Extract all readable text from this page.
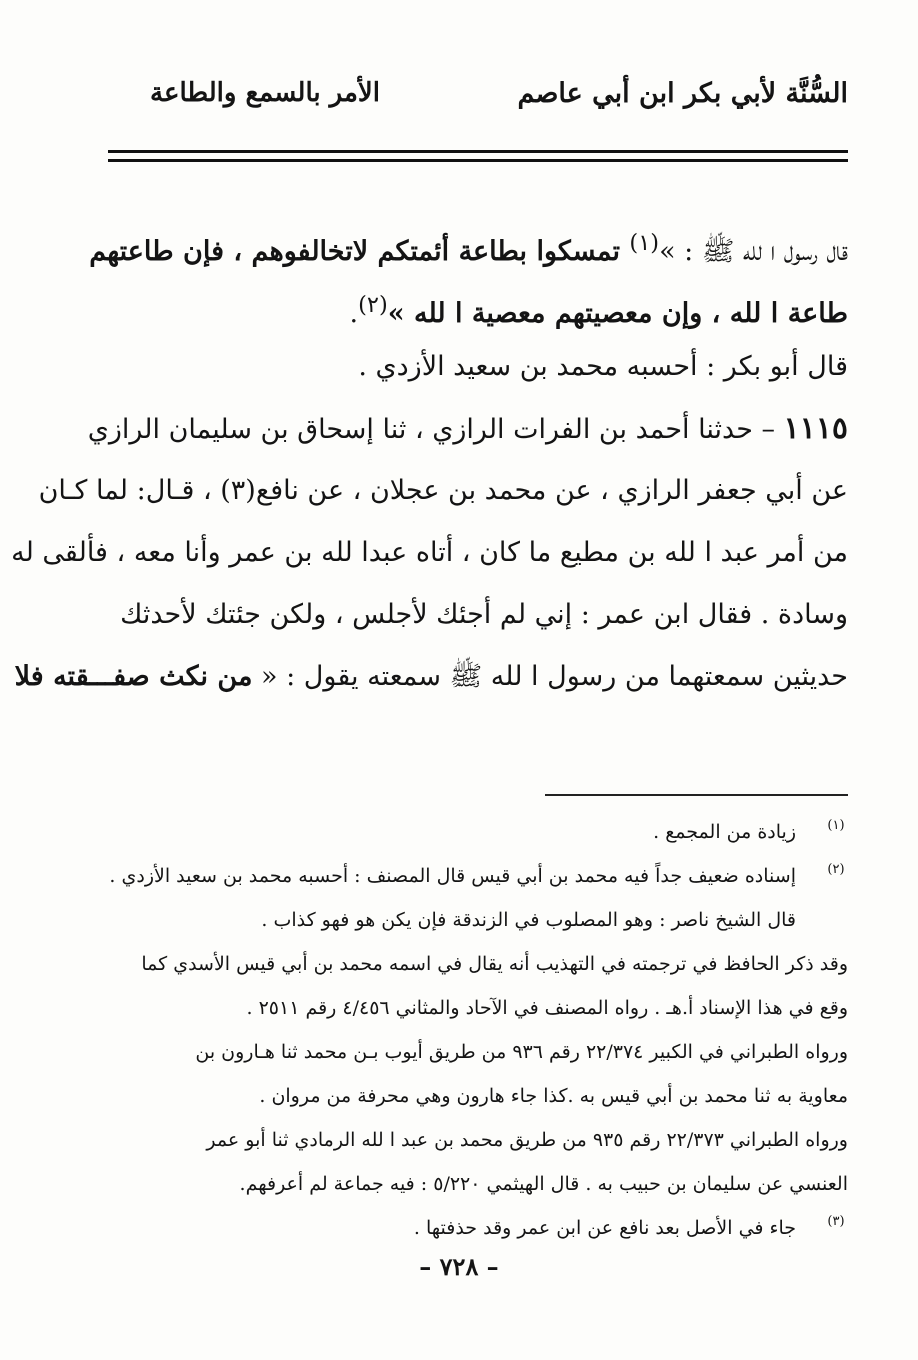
السُّنَّة لأبي بكر ابن أبي عاصم
الأمر بالسمع والطاعة
قال رسول ا لله ﷺ : »$^{(١)}$ تمسكوا بطاعة أئمتكم لاتخالفوهم ، فإن طاعتهم
طاعة ا لله ، وإن معصيتهم معصية ا لله »$^{(٢)}$.
قال أبو بكر : أحسبه محمد بن سعيد الأزدي .
١١١٥ – حدثنا أحمد بن الفرات الرازي ، ثنا إسحاق بن سليمان الرازي
عن أبي جعفر الرازي ، عن محمد بن عجلان ، عن نافع(٣) ، قـال: لما كـان
من أمر عبد ا لله بن مطيع ما كان ، أتاه عبدا لله بن عمر وأنا معه ، فألقى له
وسادة . فقال ابن عمر : إني لم أجئك لأجلس ، ولكن جئتك لأحدثك
حديثين سمعتهما من رسول ا لله ﷺ سمعته يقول : « من نكث صفـــقته فلا
(١)
زيادة من المجمع .
(٢)
إسناده ضعيف جداً فيه محمد بن أبي قيس قال المصنف : أحسبه محمد بن سعيد الأزدي .
قال الشيخ ناصر : وهو المصلوب في الزندقة فإن يكن هو فهو كذاب .
وقد ذكر الحافظ في ترجمته في التهذيب أنه يقال في اسمه محمد بن أبي قيس الأسدي كما
وقع في هذا الإسناد أ.هـ . رواه المصنف في الآحاد والمثاني ٤/٤٥٦ رقم ٢٥١١ .
ورواه الطبراني في الكبير ٢٢/٣٧٤ رقم ٩٣٦ من طريق أيوب بـن محمد ثنا هـارون بن
معاوية به ثنا محمد بن أبي قيس به .كذا جاء هارون وهي محرفة من مروان .
ورواه الطبراني ٢٢/٣٧٣ رقم ٩٣٥ من طريق محمد بن عبد ا لله الرمادي ثنا أبو عمر
العنسي عن سليمان بن حبيب به . قال الهيثمي ٥/٢٢٠ : فيه جماعة لم أعرفهم.
(٣)
جاء في الأصل بعد نافع عن ابن عمر وقد حذفتها .
– ٧٢٨ –
